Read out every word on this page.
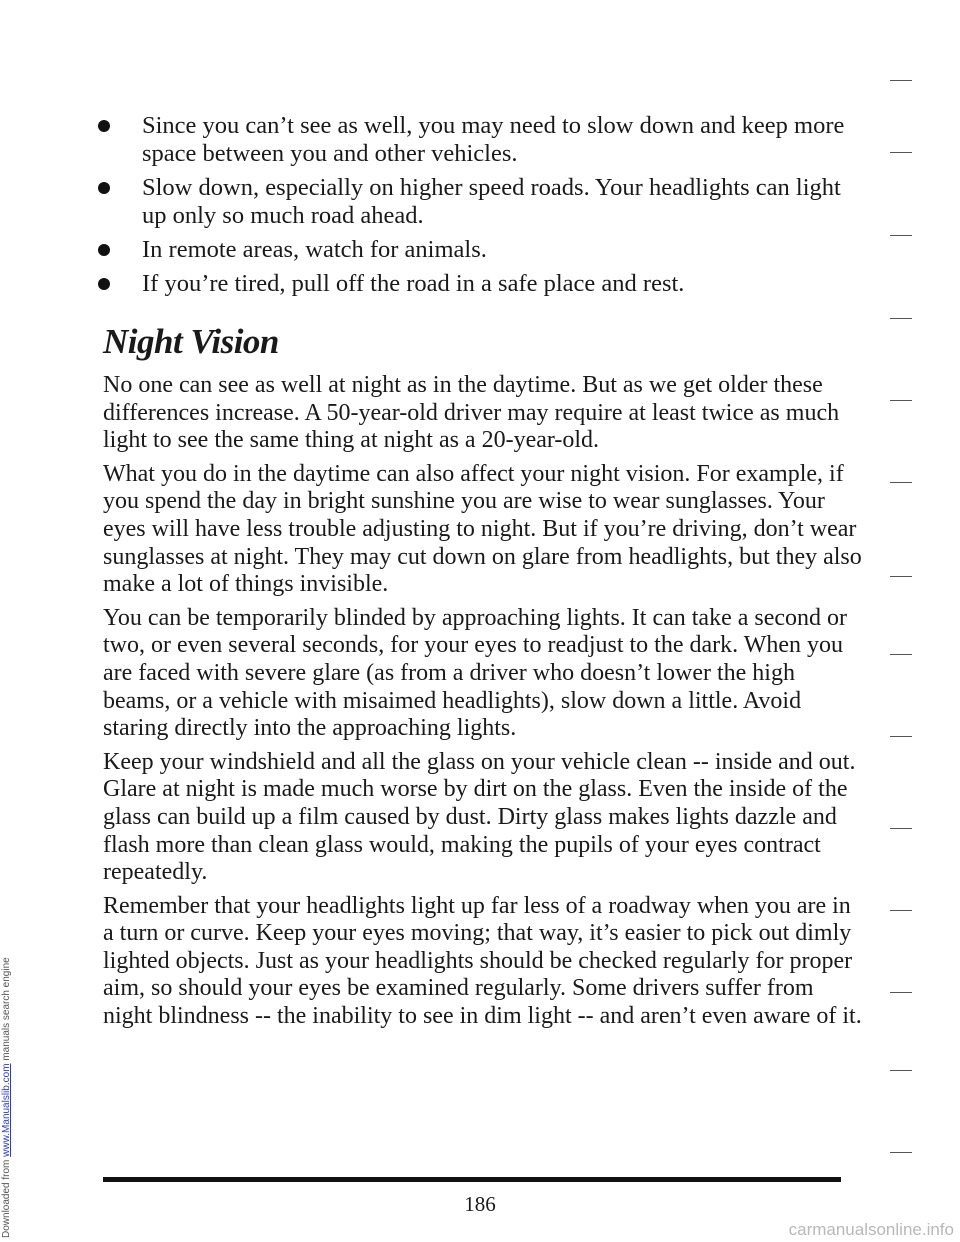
Downloaded from www.Manualslib.com manuals search engine
Since you can’t see as well, you may need to slow down and keep more space between you and other vehicles.
Slow down, especially on higher speed roads. Your headlights can light up only so much road ahead.
In remote areas, watch for animals.
If you’re tired, pull off the road in a safe place and rest.
Night Vision

No one can see as well at night as in the daytime. But as we get older these differences increase. A 50-year-old driver may require at least twice as much light to see the same thing at night as a 20-year-old.

What you do in the daytime can also affect your night vision. For example, if you spend the day in bright sunshine you are wise to wear sunglasses. Your eyes will have less trouble adjusting to night. But if you’re driving, don’t wear sunglasses at night. They may cut down on glare from headlights, but they also make a lot of things invisible.

You can be temporarily blinded by approaching lights. It can take a second or two, or even several seconds, for your eyes to readjust to the dark. When you are faced with severe glare (as from a driver who doesn’t lower the high beams, or a vehicle with misaimed headlights), slow down a little. Avoid staring directly into the approaching lights.

Keep your windshield and all the glass on your vehicle clean -- inside and out. Glare at night is made much worse by dirt on the glass. Even the inside of the glass can build up a film caused by dust. Dirty glass makes lights dazzle and flash more than clean glass would, making the pupils of your eyes contract repeatedly.

Remember that your headlights light up far less of a roadway when you are in a turn or curve. Keep your eyes moving; that way, it’s easier to pick out dimly lighted objects. Just as your headlights should be checked regularly for proper aim, so should your eyes be examined regularly. Some drivers suffer from night blindness -- the inability to see in dim light -- and aren’t even aware of it.

186
carmanualsonline.info
